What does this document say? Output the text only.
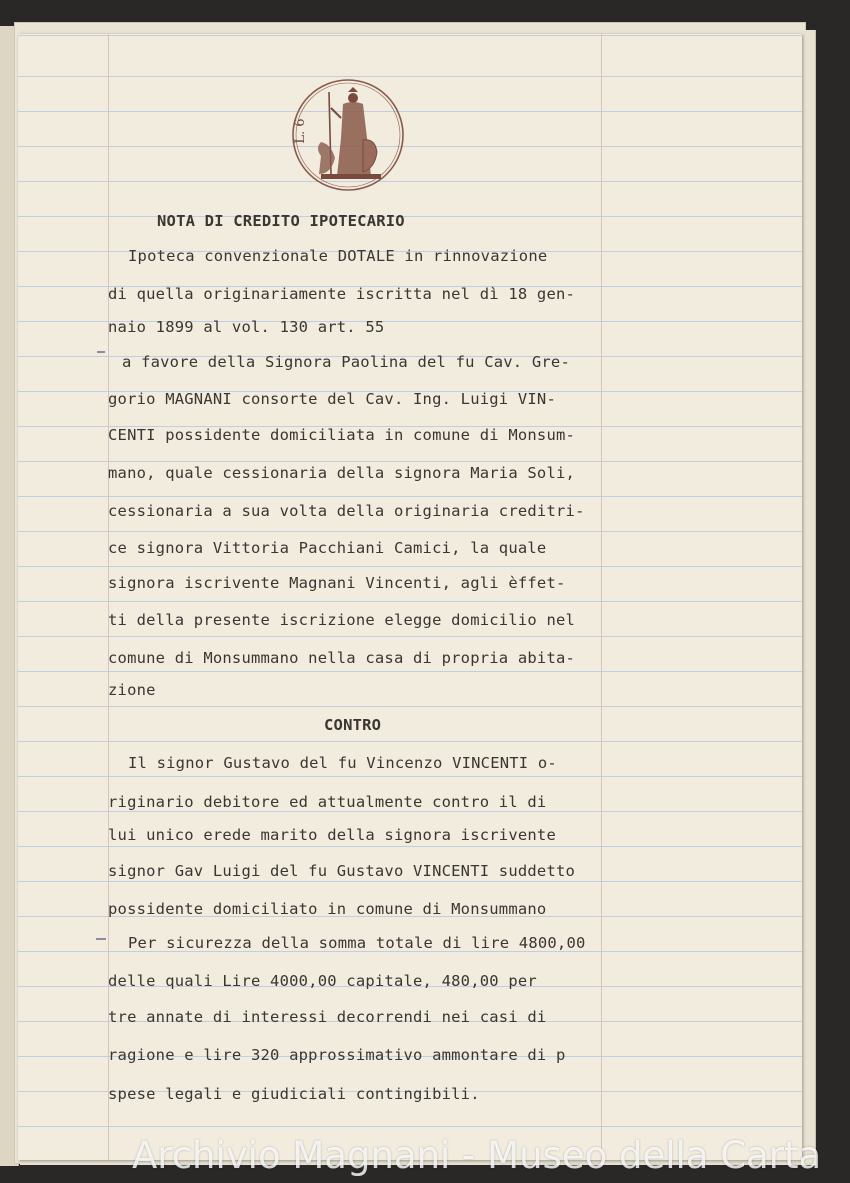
L. 6
NOTA DI CREDITO IPOTECARIO
Ipoteca convenzionale DOTALE in rinnovazione
di quella originariamente iscritta nel dì 18 gen-
naio 1899 al vol. 130 art. 55
a favore della Signora Paolina del fu Cav. Gre-
gorio MAGNANI consorte del Cav. Ing. Luigi VIN-
CENTI possidente domiciliata in comune di Monsum-
mano, quale cessionaria della signora Maria Soli,
cessionaria a sua volta della originaria creditri-
ce signora Vittoria Pacchiani Camici, la quale
signora iscrivente Magnani Vincenti, agli èffet-
ti della presente iscrizione elegge domicilio nel
comune di Monsummano nella casa di propria abita-
zione
CONTRO
Il signor Gustavo del fu Vincenzo VINCENTI o-
riginario debitore ed attualmente contro il di
lui unico erede marito della signora iscrivente
signor Gav Luigi del fu Gustavo VINCENTI suddetto
possidente domiciliato in comune di Monsummano
Per sicurezza della somma totale di lire 4800,00
delle quali Lire 4000,00 capitale, 480,00 per
tre annate di interessi decorrendi nei casi di
ragione e lire 320 approssimativo ammontare di p
spese legali e giudiciali contingibili.
Archivio Magnani - Museo della Carta
